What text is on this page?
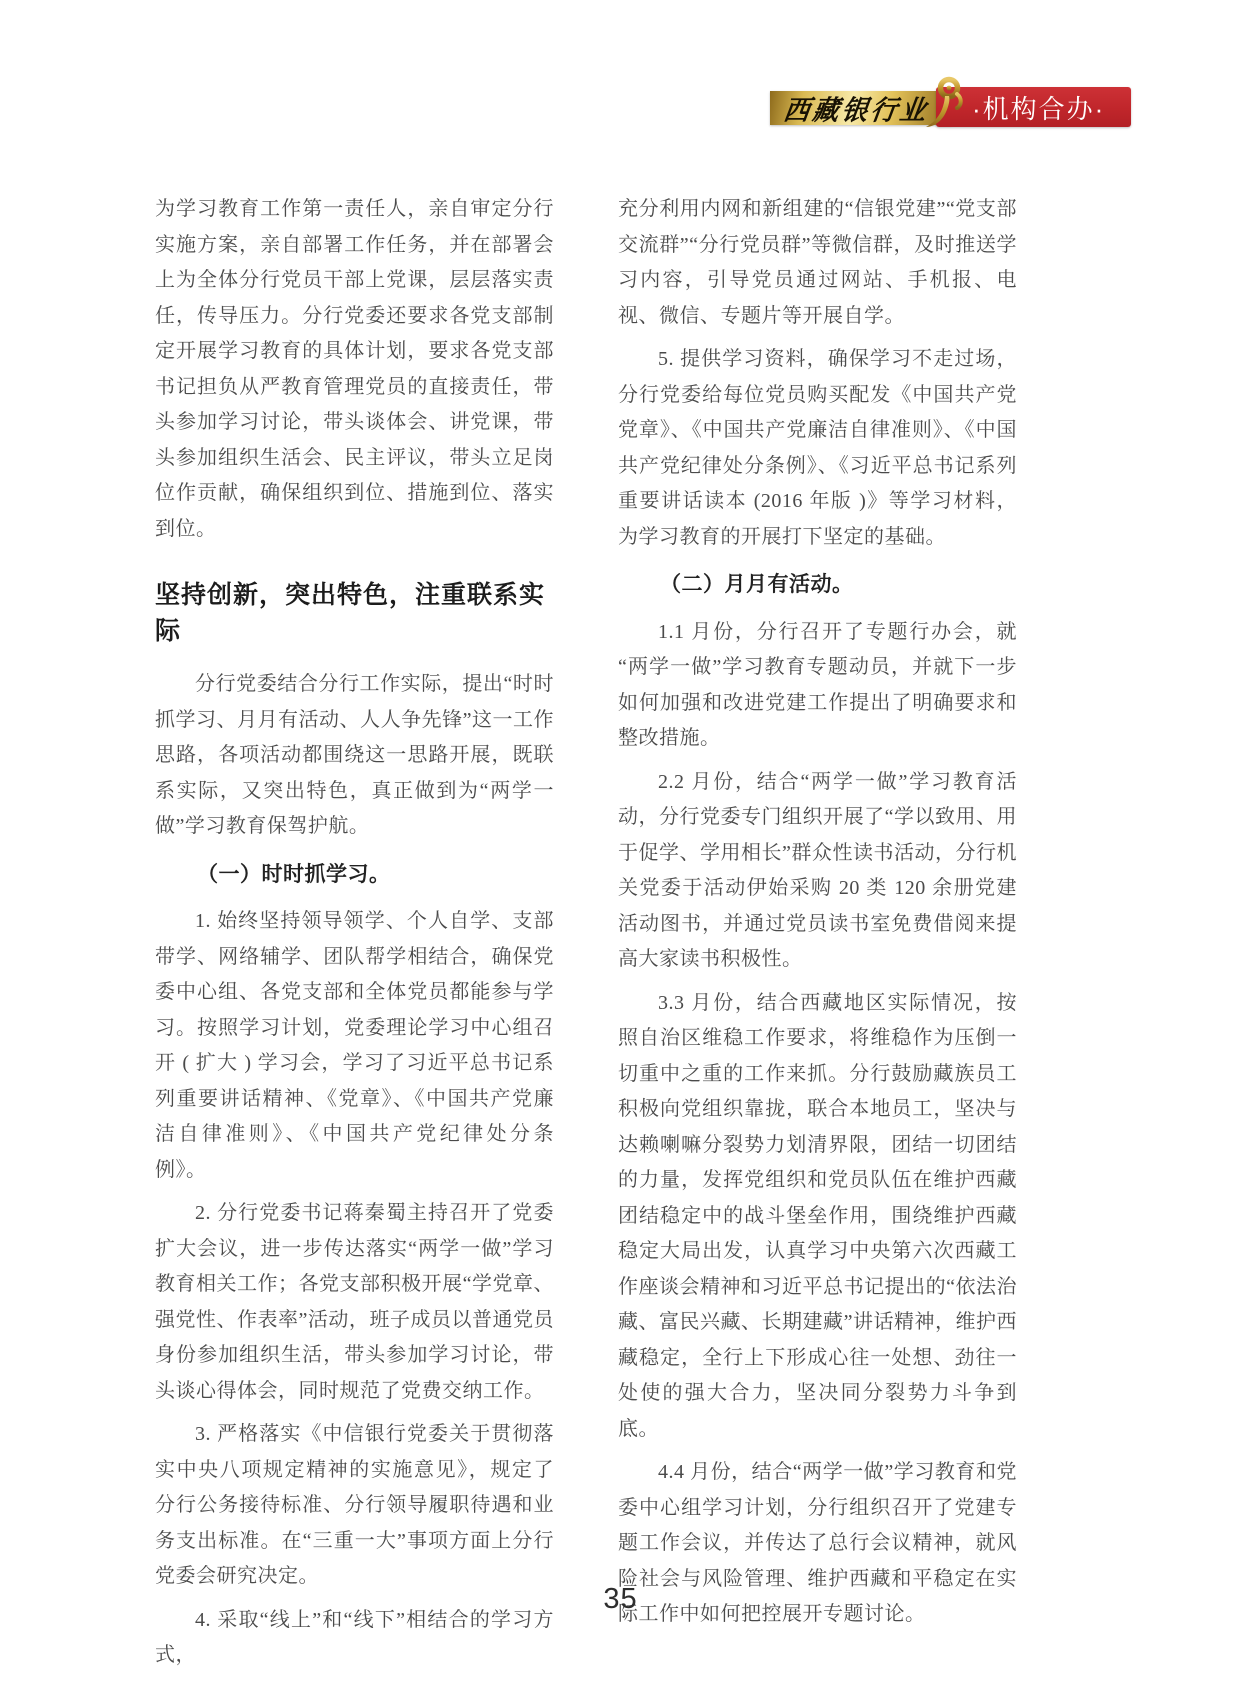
西藏银行业 ·机构合办·

为学习教育工作第一责任人，亲自审定分行实施方案，亲自部署工作任务，并在部署会上为全体分行党员干部上党课，层层落实责任，传导压力。分行党委还要求各党支部制定开展学习教育的具体计划，要求各党支部书记担负从严教育管理党员的直接责任，带头参加学习讨论，带头谈体会、讲党课，带头参加组织生活会、民主评议，带头立足岗位作贡献，确保组织到位、措施到位、落实到位。

坚持创新，突出特色，注重联系实际

分行党委结合分行工作实际，提出“时时抓学习、月月有活动、人人争先锋”这一工作思路，各项活动都围绕这一思路开展，既联系实际，又突出特色，真正做到为“两学一做”学习教育保驾护航。

（一）时时抓学习。

1. 始终坚持领导领学、个人自学、支部带学、网络辅学、团队帮学相结合，确保党委中心组、各党支部和全体党员都能参与学习。按照学习计划，党委理论学习中心组召开 ( 扩大 ) 学习会，学习了习近平总书记系列重要讲话精神、《党章》、《中国共产党廉洁自律准则》、《中国共产党纪律处分条例》。

2. 分行党委书记蒋秦蜀主持召开了党委扩大会议，进一步传达落实“两学一做”学习教育相关工作；各党支部积极开展“学党章、强党性、作表率”活动，班子成员以普通党员身份参加组织生活，带头参加学习讨论，带头谈心得体会，同时规范了党费交纳工作。

3. 严格落实《中信银行党委关于贯彻落实中央八项规定精神的实施意见》，规定了分行公务接待标准、分行领导履职待遇和业务支出标准。在“三重一大”事项方面上分行党委会研究决定。

4. 采取“线上”和“线下”相结合的学习方式，

充分利用内网和新组建的“信银党建”“党支部交流群”“分行党员群”等微信群，及时推送学习内容，引导党员通过网站、手机报、电视、微信、专题片等开展自学。

5. 提供学习资料，确保学习不走过场，分行党委给每位党员购买配发《中国共产党党章》、《中国共产党廉洁自律准则》、《中国共产党纪律处分条例》、《习近平总书记系列重要讲话读本 (2016 年版 )》等学习材料，为学习教育的开展打下坚定的基础。

（二）月月有活动。

1.1 月份，分行召开了专题行办会，就“两学一做”学习教育专题动员，并就下一步如何加强和改进党建工作提出了明确要求和整改措施。

2.2 月份，结合“两学一做”学习教育活动，分行党委专门组织开展了“学以致用、用于促学、学用相长”群众性读书活动，分行机关党委于活动伊始采购 20 类 120 余册党建活动图书，并通过党员读书室免费借阅来提高大家读书积极性。

3.3 月份，结合西藏地区实际情况，按照自治区维稳工作要求，将维稳作为压倒一切重中之重的工作来抓。分行鼓励藏族员工积极向党组织靠拢，联合本地员工，坚决与达赖喇嘛分裂势力划清界限，团结一切团结的力量，发挥党组织和党员队伍在维护西藏团结稳定中的战斗堡垒作用，围绕维护西藏稳定大局出发，认真学习中央第六次西藏工作座谈会精神和习近平总书记提出的“依法治藏、富民兴藏、长期建藏”讲话精神，维护西藏稳定，全行上下形成心往一处想、劲往一处使的强大合力，坚决同分裂势力斗争到底。

4.4 月份，结合“两学一做”学习教育和党委中心组学习计划，分行组织召开了党建专题工作会议，并传达了总行会议精神，就风险社会与风险管理、维护西藏和平稳定在实际工作中如何把控展开专题讨论。

35
